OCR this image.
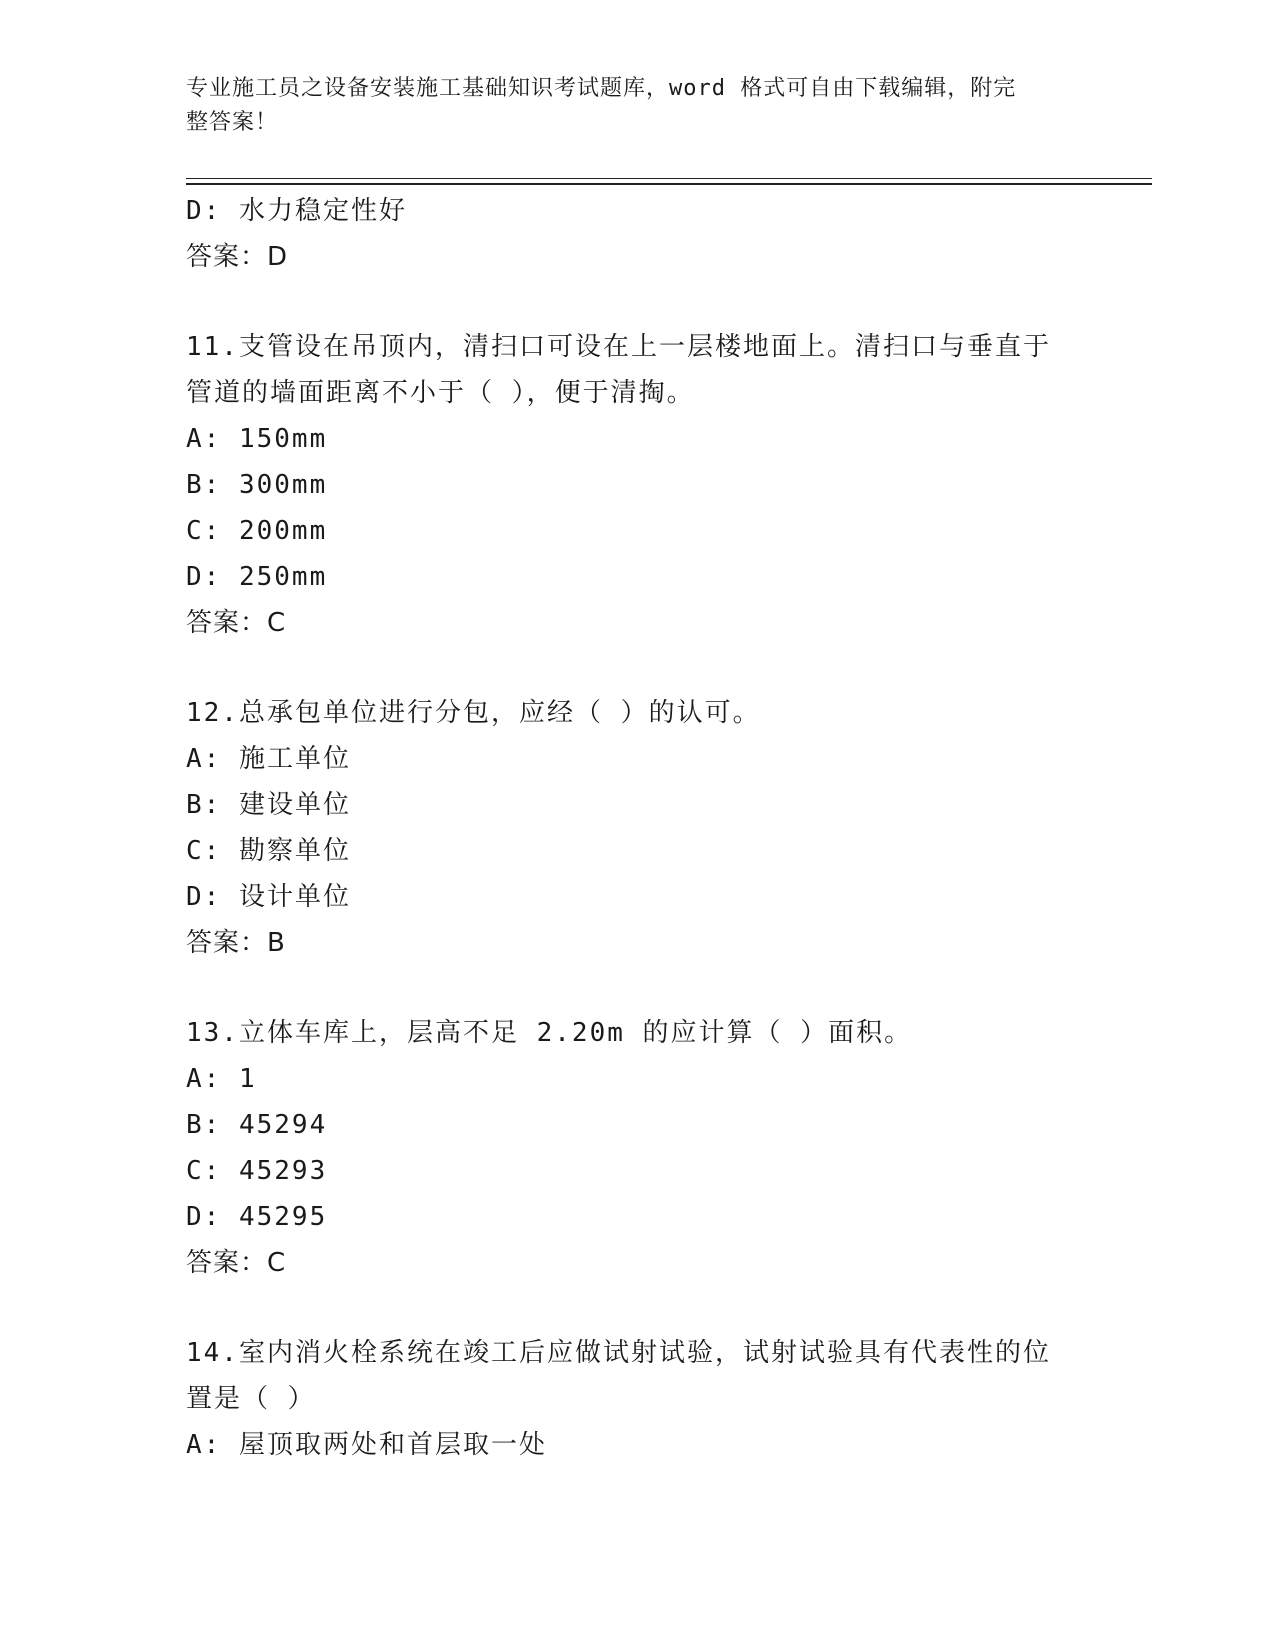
专业施工员之设备安装施工基础知识考试题库，word 格式可自由下载编辑，附完
整答案！
D: 水力稳定性好
答案：D
11.支管设在吊顶内，清扫口可设在上一层楼地面上。清扫口与垂直于
管道的墙面距离不小于（ ），便于清掏。
A: 150mm
B: 300mm
C: 200mm
D: 250mm
答案：C
12.总承包单位进行分包，应经（ ）的认可。
A: 施工单位
B: 建设单位
C: 勘察单位
D: 设计单位
答案：B
13.立体车库上，层高不足 2.20m 的应计算（ ）面积。
A: 1
B: 45294
C: 45293
D: 45295
答案：C
14.室内消火栓系统在竣工后应做试射试验，试射试验具有代表性的位
置是（ ）
A: 屋顶取两处和首层取一处
